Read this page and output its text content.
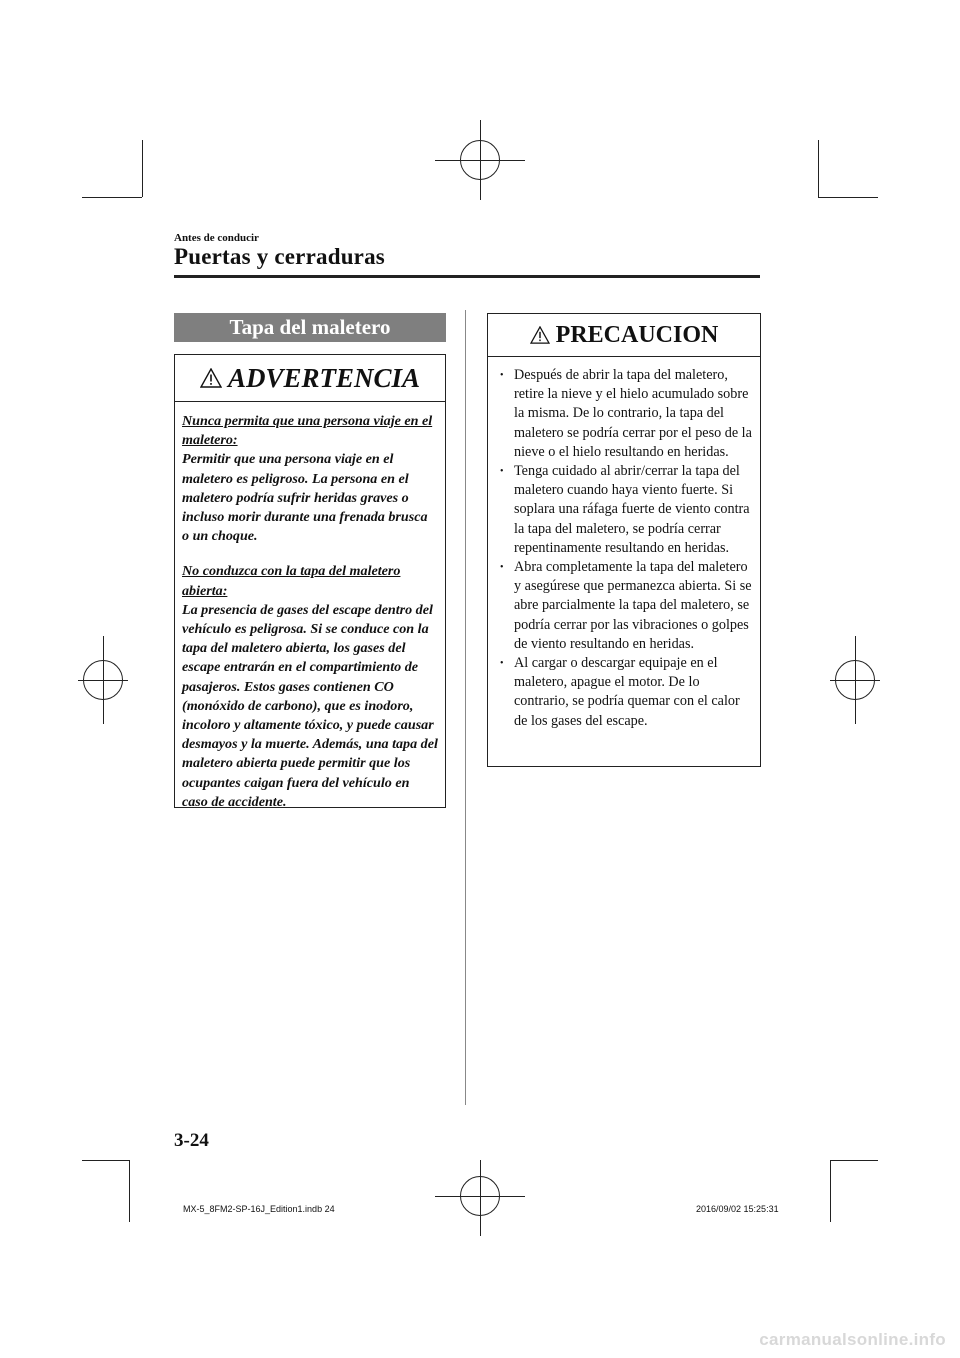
Antes de conducir
Puertas y cerraduras
Tapa del maletero
ADVERTENCIA
Nunca permita que una persona viaje en el maletero:
Permitir que una persona viaje en el maletero es peligroso. La persona en el maletero podría sufrir heridas graves o incluso morir durante una frenada brusca o un choque.
No conduzca con la tapa del maletero abierta:
La presencia de gases del escape dentro del vehículo es peligrosa. Si se conduce con la tapa del maletero abierta, los gases del escape entrarán en el compartimiento de pasajeros. Estos gases contienen CO (monóxido de carbono), que es inodoro, incoloro y altamente tóxico, y puede causar desmayos y la muerte. Además, una tapa del maletero abierta puede permitir que los ocupantes caigan fuera del vehículo en caso de accidente.
PRECAUCION
• Después de abrir la tapa del maletero, retire la nieve y el hielo acumulado sobre la misma. De lo contrario, la tapa del maletero se podría cerrar por el peso de la nieve o el hielo resultando en heridas.
• Tenga cuidado al abrir/cerrar la tapa del maletero cuando haya viento fuerte. Si soplara una ráfaga fuerte de viento contra la tapa del maletero, se podría cerrar repentinamente resultando en heridas.
• Abra completamente la tapa del maletero y asegúrese que permanezca abierta. Si se abre parcialmente la tapa del maletero, se podría cerrar por las vibraciones o golpes de viento resultando en heridas.
• Al cargar o descargar equipaje en el maletero, apague el motor. De lo contrario, se podría quemar con el calor de los gases del escape.
3-24
MX-5_8FM2-SP-16J_Edition1.indb 24	2016/09/02 15:25:31
carmanualsonline.info
